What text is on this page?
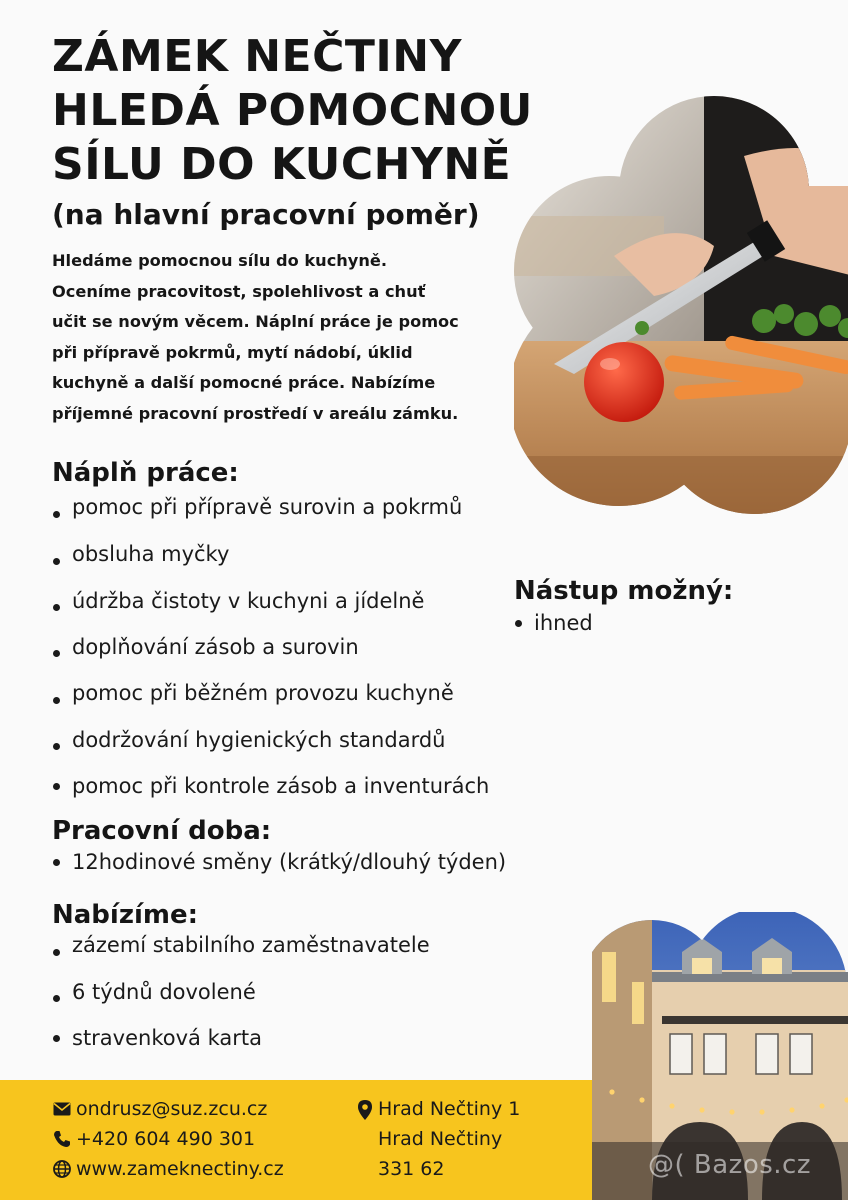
ZÁMEK NEČTINY
HLEDÁ POMOCNOU
SÍLU DO KUCHYNĚ
(na hlavní pracovní poměr)
Hledáme pomocnou sílu do kuchyně.
Oceníme pracovitost, spolehlivost a chuť
učit se novým věcem. Náplní práce je pomoc
při přípravě pokrmů, mytí nádobí, úklid
kuchyně a další pomocné práce. Nabízíme
příjemné pracovní prostředí v areálu zámku.
Náplň práce:
pomoc při přípravě surovin a pokrmů
obsluha myčky
údržba čistoty v kuchyni a jídelně
doplňování zásob a surovin
pomoc při běžném provozu kuchyně
dodržování hygienických standardů
pomoc při kontrole zásob a inventurách
Nástup možný:
ihned
Pracovní doba:
12hodinové směny (krátký/dlouhý týden)
Nabízíme:
zázemí stabilního zaměstnavatele
6 týdnů dovolené
stravenková karta
ondrusz@suz.zcu.cz
+420 604 490 301
www.zameknectiny.cz
Hrad Nečtiny 1
Hrad Nečtiny
331 62	@( Bazos.cz
